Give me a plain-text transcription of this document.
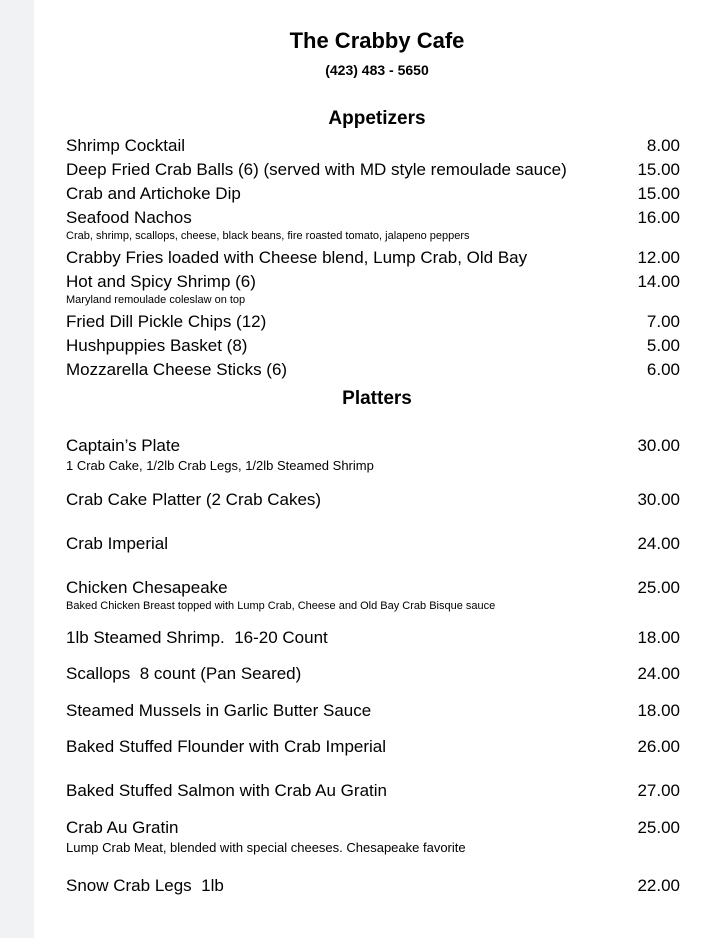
The Crabby Cafe
(423) 483 - 5650
Appetizers
Shrimp Cocktail	8.00
Deep Fried Crab Balls (6) (served with MD style remoulade sauce)	15.00
Crab and Artichoke Dip	15.00
Seafood Nachos	16.00
Crab, shrimp, scallops, cheese, black beans, fire roasted tomato, jalapeno peppers
Crabby Fries loaded with Cheese blend, Lump Crab, Old Bay	12.00
Hot and Spicy Shrimp (6)	14.00
Maryland remoulade coleslaw on top
Fried Dill Pickle Chips (12)	7.00
Hushpuppies Basket (8)	5.00
Mozzarella Cheese Sticks (6)	6.00
Platters
Captain’s Plate	30.00
1 Crab Cake, 1/2lb Crab Legs, 1/2lb Steamed Shrimp
Crab Cake Platter (2 Crab Cakes)	30.00
Crab Imperial	24.00
Chicken Chesapeake	25.00
Baked Chicken Breast topped with Lump Crab, Cheese and Old Bay Crab Bisque sauce
1lb Steamed Shrimp.  16-20 Count	18.00
Scallops  8 count (Pan Seared)	24.00
Steamed Mussels in Garlic Butter Sauce	18.00
Baked Stuffed Flounder with Crab Imperial	26.00
Baked Stuffed Salmon with Crab Au Gratin	27.00
Crab Au Gratin	25.00
Lump Crab Meat, blended with special cheeses. Chesapeake favorite
Snow Crab Legs  1lb	22.00
